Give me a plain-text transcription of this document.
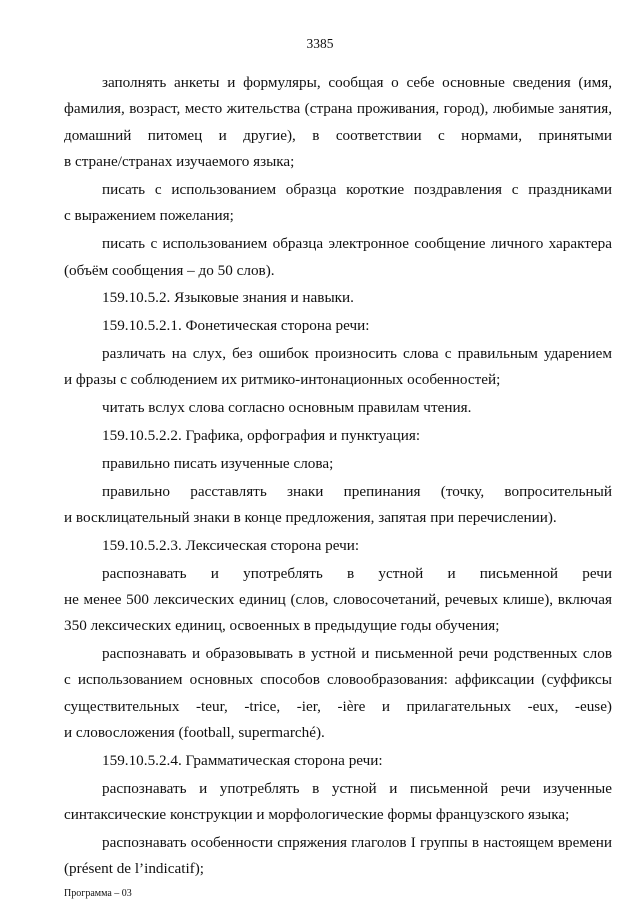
3385
заполнять анкеты и формуляры, сообщая о себе основные сведения (имя,
фамилия, возраст, место жительства (страна проживания, город), любимые занятия,
домашний питомец и другие), в соответствии с нормами, принятыми
в стране/странах изучаемого языка;
писать с использованием образца короткие поздравления с праздниками
с выражением пожелания;
писать с использованием образца электронное сообщение личного характера
(объём сообщения – до 50 слов).
159.10.5.2. Языковые знания и навыки.
159.10.5.2.1. Фонетическая сторона речи:
различать на слух, без ошибок произносить слова с правильным ударением
и фразы с соблюдением их ритмико-интонационных особенностей;
читать вслух слова согласно основным правилам чтения.
159.10.5.2.2. Графика, орфография и пунктуация:
правильно писать изученные слова;
правильно расставлять знаки препинания (точку, вопросительный
и восклицательный знаки в конце предложения, запятая при перечислении).
159.10.5.2.3. Лексическая сторона речи:
распознавать и употреблять в устной и письменной речи
не менее 500 лексических единиц (слов, словосочетаний, речевых клише), включая
350 лексических единиц, освоенных в предыдущие годы обучения;
распознавать и образовывать в устной и письменной речи родственных слов
с использованием основных способов словообразования: аффиксации (суффиксы
существительных -teur, -trice, -ier, -ière и прилагательных -eux, -euse)
и словосложения (football, supermarché).
159.10.5.2.4. Грамматическая сторона речи:
распознавать и употреблять в устной и письменной речи изученные
синтаксические конструкции и морфологические формы французского языка;
распознавать особенности спряжения глаголов I группы в настоящем времени
(présent de l’indicatif);
Программа – 03
